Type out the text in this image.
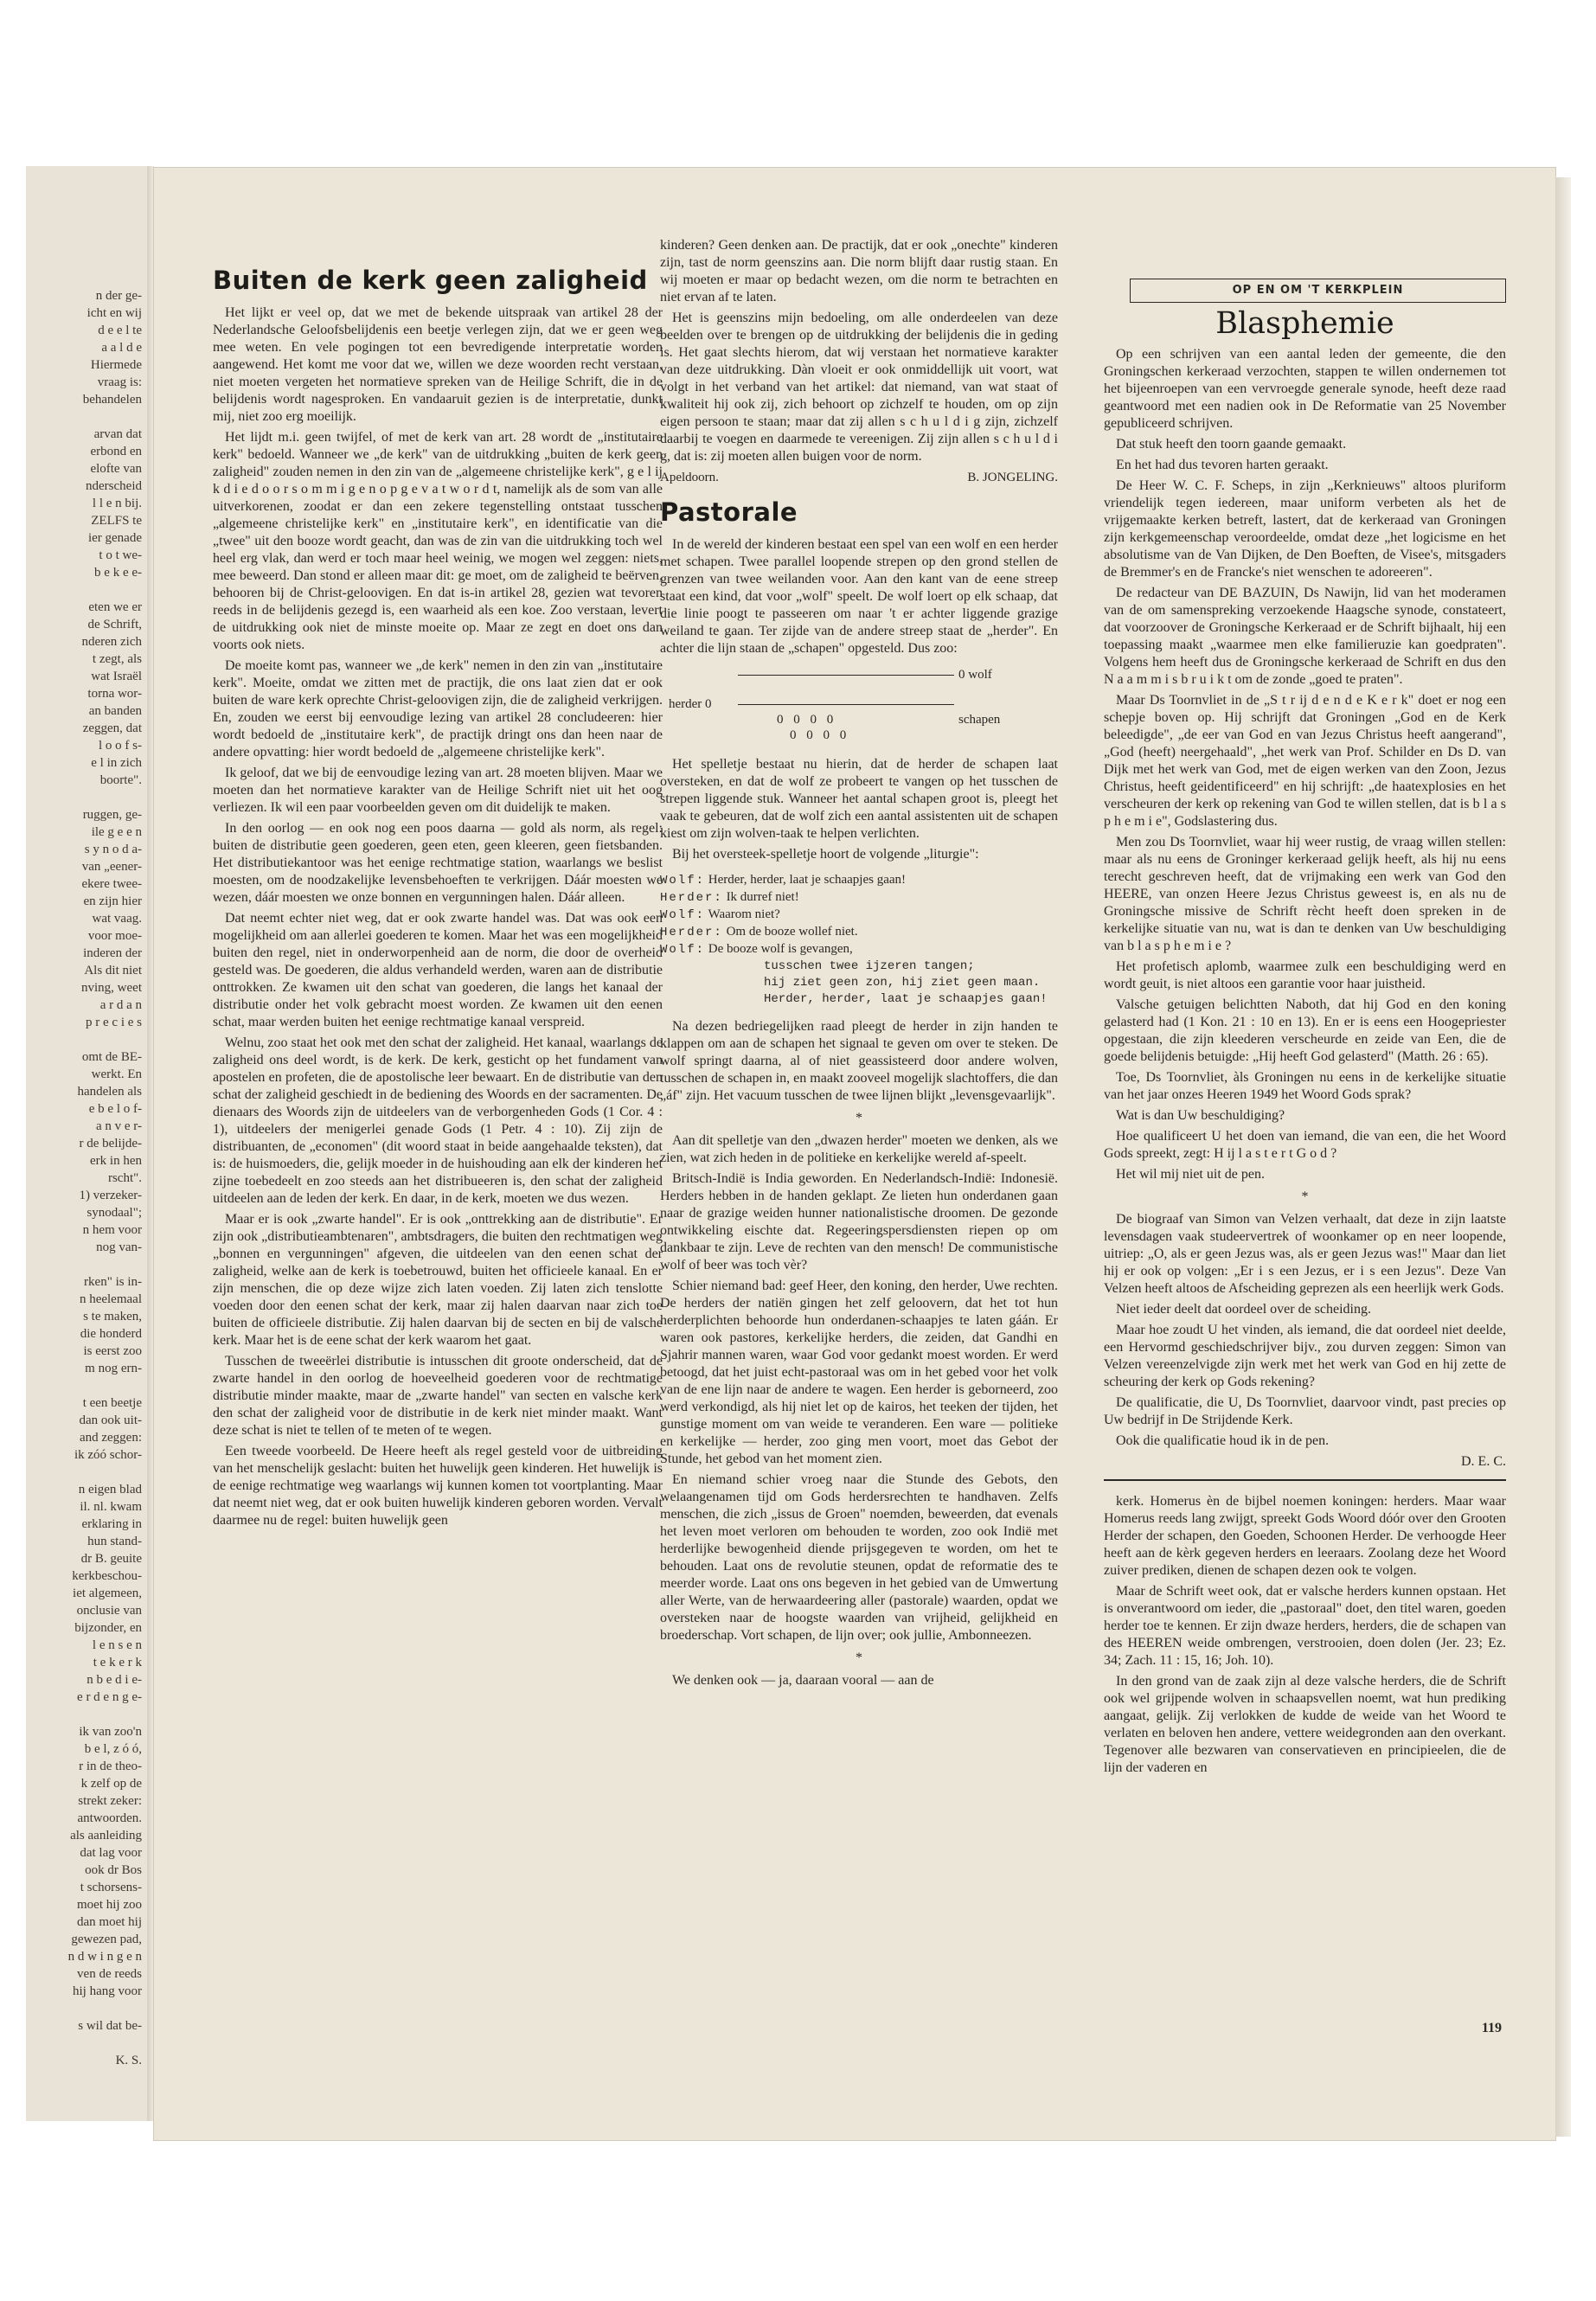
n der ge-
icht en wij
d e e l te
a a l d e
Hiermede
vraag is:
behandelen
arvan dat
erbond en
elofte van
nderscheid
l l e n bij.
ZELFS te
ier genade
t o t we-
b e k e e-
eten we er
de Schrift,
nderen zich
t zegt, als
wat Israël
torna wor-
an banden
zeggen, dat
l o o f s-
e l in zich
boorte".
ruggen, ge-
ile g e e n
s y n o d a-
van „eener-
ekere twee-
en zijn hier
wat vaag.
voor moe-
inderen der
Als dit niet
nving, weet
a r d a n
p r e c i e s
omt de BE-
werkt. En
handelen als
e b e l o f-
a n v e r-
r de belijde-
erk in hen
rscht".
1) verzeker-
synodaal";
n hem voor
nog van-
rken" is in-
n heelemaal
s te maken,
die honderd
is eerst zoo
m nog ern-
t een beetje
dan ook uit-
and zeggen:
ik zóó schor-
n eigen blad
il. nl. kwam
erklaring in
hun stand-
dr B. geuite
kerkbeschou-
iet algemeen,
onclusie van
bijzonder, en
l e n s e n
t e k e r k
n b e d i e-
e r d e n g e-
ik van zoo'n
b e l, z ó ó,
r in de theo-
k zelf op de
strekt zeker:
antwoorden.
als aanleiding
dat lag voor
ook dr Bos
t schorsens-
moet hij zoo
dan moet hij
gewezen pad,
n d w i n g e n
ven de reeds
hij hang voor
s wil dat be-
K. S.
Buiten de kerk geen zaligheid

Het lijkt er veel op, dat we met de bekende uitspraak van artikel 28 der Nederlandsche Geloofsbelijdenis een beetje verlegen zijn, dat we er geen weg mee weten. En vele pogingen tot een bevredigende interpretatie worden aangewend. Het komt me voor dat we, willen we deze woorden recht verstaan, niet moeten vergeten het normatieve spreken van de Heilige Schrift, die in de belijdenis wordt nagesproken. En vandaaruit gezien is de interpretatie, dunkt mij, niet zoo erg moeilijk.

Het lijdt m.i. geen twijfel, of met de kerk van art. 28 wordt de „institutaire kerk" bedoeld. Wanneer we „de kerk" van de uitdrukking „buiten de kerk geen zaligheid" zouden nemen in den zin van de „algemeene christelijke kerk", g e l ij k d i e d o o r s o m m i g e n o p g e v a t w o r d t, namelijk als de som van alle uitverkorenen, zoodat er dan een zekere tegenstelling ontstaat tusschen „algemeene christelijke kerk" en „institutaire kerk", en identificatie van die „twee" uit den booze wordt geacht, dan was de zin van die uitdrukking toch wel heel erg vlak, dan werd er toch maar heel weinig, we mogen wel zeggen: niets, mee beweerd. Dan stond er alleen maar dit: ge moet, om de zaligheid te beërven, behooren bij de Christ-geloovigen. En dat is-in artikel 28, gezien wat tevoren reeds in de belijdenis gezegd is, een waarheid als een koe. Zoo verstaan, levert de uitdrukking ook niet de minste moeite op. Maar ze zegt en doet ons dan voorts ook niets.

De moeite komt pas, wanneer we „de kerk" nemen in den zin van „institutaire kerk". Moeite, omdat we zitten met de practijk, die ons laat zien dat er ook buiten de ware kerk oprechte Christ-geloovigen zijn, die de zaligheid verkrijgen. En, zouden we eerst bij eenvoudige lezing van artikel 28 concludeeren: hier wordt bedoeld de „institutaire kerk", de practijk dringt ons dan heen naar de andere opvatting: hier wordt bedoeld de „algemeene christelijke kerk".

Ik geloof, dat we bij de eenvoudige lezing van art. 28 moeten blijven. Maar we moeten dan het normatieve karakter van de Heilige Schrift niet uit het oog verliezen. Ik wil een paar voorbeelden geven om dit duidelijk te maken.

In den oorlog — en ook nog een poos daarna — gold als norm, als regel: buiten de distributie geen goederen, geen eten, geen kleeren, geen fietsbanden. Het distributiekantoor was het eenige rechtmatige station, waarlangs we beslist moesten, om de noodzakelijke levensbehoeften te verkrijgen. Dáár moesten we wezen, dáár moesten we onze bonnen en vergunningen halen. Dáár alleen.

Dat neemt echter niet weg, dat er ook zwarte handel was. Dat was ook een mogelijkheid om aan allerlei goederen te komen. Maar het was een mogelijkheid buiten den regel, niet in onderworpenheid aan de norm, die door de overheid gesteld was. De goederen, die aldus verhandeld werden, waren aan de distributie onttrokken. Ze kwamen uit den schat van goederen, die langs het kanaal der distributie onder het volk gebracht moest worden. Ze kwamen uit den eenen schat, maar werden buiten het eenige rechtmatige kanaal verspreid.

Welnu, zoo staat het ook met den schat der zaligheid. Het kanaal, waarlangs de zaligheid ons deel wordt, is de kerk. De kerk, gesticht op het fundament van apostelen en profeten, die de apostolische leer bewaart. En de distributie van den schat der zaligheid geschiedt in de bediening des Woords en der sacramenten. De dienaars des Woords zijn de uitdeelers van de verborgenheden Gods (1 Cor. 4 : 1), uitdeelers der menigerlei genade Gods (1 Petr. 4 : 10). Zij zijn de distribuanten, de „economen" (dit woord staat in beide aangehaalde teksten), dat is: de huismoeders, die, gelijk moeder in de huishouding aan elk der kinderen het zijne toebedeelt en zoo steeds aan het distribueeren is, den schat der zaligheid uitdeelen aan de leden der kerk. En daar, in de kerk, moeten we dus wezen.

Maar er is ook „zwarte handel". Er is ook „onttrekking aan de distributie". Er zijn ook „distributieambtenaren", ambtsdragers, die buiten den rechtmatigen weg „bonnen en vergunningen" afgeven, die uitdeelen van den eenen schat der zaligheid, welke aan de kerk is toebetrouwd, buiten het officieele kanaal. En er zijn menschen, die op deze wijze zich laten voeden. Zij laten zich tenslotte voeden door den eenen schat der kerk, maar zij halen daarvan naar zich toe buiten de officieele distributie. Zij halen daarvan bij de secten en bij de valsche kerk. Maar het is de eene schat der kerk waarom het gaat.

Tusschen de tweeërlei distributie is intusschen dit groote onderscheid, dat de zwarte handel in den oorlog de hoeveelheid goederen voor de rechtmatige distributie minder maakte, maar de „zwarte handel" van secten en valsche kerk den schat der zaligheid voor de distributie in de kerk niet minder maakt. Want deze schat is niet te tellen of te meten of te wegen.

Een tweede voorbeeld. De Heere heeft als regel gesteld voor de uitbreiding van het menschelijk geslacht: buiten het huwelijk geen kinderen. Het huwelijk is de eenige rechtmatige weg waarlangs wij kunnen komen tot voortplanting. Maar dat neemt niet weg, dat er ook buiten huwelijk kinderen geboren worden. Vervalt daarmee nu de regel: buiten huwelijk geen

kinderen? Geen denken aan. De practijk, dat er ook „onechte" kinderen zijn, tast de norm geenszins aan. Die norm blijft daar rustig staan. En wij moeten er maar op bedacht wezen, om die norm te betrachten en niet ervan af te laten.

Het is geenszins mijn bedoeling, om alle onderdeelen van deze beelden over te brengen op de uitdrukking der belijdenis die in geding is. Het gaat slechts hierom, dat wij verstaan het normatieve karakter van deze uitdrukking. Dàn vloeit er ook onmiddellijk uit voort, wat volgt in het verband van het artikel: dat niemand, van wat staat of kwaliteit hij ook zij, zich behoort op zichzelf te houden, om op zijn eigen persoon te staan; maar dat zij allen s c h u l d i g zijn, zichzelf daarbij te voegen en daarmede te vereenigen. Zij zijn allen s c h u l d i g, dat is: zij moeten allen buigen voor de norm.

Apeldoorn.	B. JONGELING.
Pastorale

In de wereld der kinderen bestaat een spel van een wolf en een herder met schapen. Twee parallel loopende strepen op den grond stellen de grenzen van twee weilanden voor. Aan den kant van de eene streep staat een kind, dat voor „wolf" speelt. De wolf loert op elk schaap, dat die linie poogt te passeeren om naar 't er achter liggende grazige weiland te gaan. Ter zijde van de andere streep staat de „herder". En achter die lijn staan de „schapen" opgesteld. Dus zoo:

0 wolf
herder 0
0 0 0 0	schapen
0 0 0 0

Het spelletje bestaat nu hierin, dat de herder de schapen laat oversteken, en dat de wolf ze probeert te vangen op het tusschen de strepen liggende stuk. Wanneer het aantal schapen groot is, pleegt het vaak te gebeuren, dat de wolf zich een aantal assistenten uit de schapen kiest om zijn wolven-taak te helpen verlichten.

Bij het oversteek-spelletje hoort de volgende „liturgie":

Wolf: Herder, herder, laat je schaapjes gaan!
Herder: Ik durref niet!
Wolf: Waarom niet?
Herder: Om de booze wollef niet.
Wolf: De booze wolf is gevangen,
tusschen twee ijzeren tangen;
hij ziet geen zon, hij ziet geen maan.
Herder, herder, laat je schaapjes gaan!

Na dezen bedriegelijken raad pleegt de herder in zijn handen te klappen om aan de schapen het signaal te geven om over te steken. De wolf springt daarna, al of niet geassisteerd door andere wolven, tusschen de schapen in, en maakt zooveel mogelijk slachtoffers, die dan „áf" zijn. Het vacuum tusschen de twee lijnen blijkt „levensgevaarlijk".

*

Aan dit spelletje van den „dwazen herder" moeten we denken, als we zien, wat zich heden in de politieke en kerkelijke wereld af-speelt.

Britsch-Indië is India geworden. En Nederlandsch-Indië: Indonesië. Herders hebben in de handen geklapt. Ze lieten hun onderdanen gaan naar de grazige weiden hunner nationalistische droomen. De gezonde ontwikkeling eischte dat. Regeeringspersdiensten riepen op om dankbaar te zijn. Leve de rechten van den mensch! De communistische wolf of beer was toch vèr?

Schier niemand bad: geef Heer, den koning, den herder, Uwe rechten. De herders der natiën gingen het zelf geloovern, dat het tot hun herderplichten behoorde hun onderdanen-schaapjes te laten gáán. Er waren ook pastores, kerkelijke herders, die zeiden, dat Gandhi en Sjahrir mannen waren, waar God voor gedankt moest worden. Er werd betoogd, dat het juist echt-pastoraal was om in het gebed voor het volk van de ene lijn naar de andere te wagen. Een herder is geborneerd, zoo werd verkondigd, als hij niet let op de kairos, het teeken der tijden, het gunstige moment om van weide te veranderen. Een ware — politieke en kerkelijke — herder, zoo ging men voort, moet das Gebot der Stunde, het gebod van het moment zien.

En niemand schier vroeg naar die Stunde des Gebots, den welaangenamen tijd om Gods herdersrechten te handhaven. Zelfs menschen, die zich „issus de Groen" noemden, beweerden, dat evenals het leven moet verloren om behouden te worden, zoo ook Indië met herderlijke bewogenheid diende prijsgegeven te worden, om het te behouden. Laat ons de revolutie steunen, opdat de reformatie des te meerder worde. Laat ons ons begeven in het gebied van de Umwertung aller Werte, van de herwaardeering aller (pastorale) waarden, opdat we oversteken naar de hoogste waarden van vrijheid, gelijkheid en broederschap. Vort schapen, de lijn over; ook jullie, Ambonneezen.

*

We denken ook — ja, daaraan vooral — aan de

OP EN OM 'T KERKPLEIN
Blasphemie

Op een schrijven van een aantal leden der gemeente, die den Groningschen kerkeraad verzochten, stappen te willen ondernemen tot het bijeenroepen van een vervroegde generale synode, heeft deze raad geantwoord met een nadien ook in De Reformatie van 25 November gepubliceerd schrijven.

Dat stuk heeft den toorn gaande gemaakt.

En het had dus tevoren harten geraakt.

De Heer W. C. F. Scheps, in zijn „Kerknieuws" altoos pluriform vriendelijk tegen iedereen, maar uniform verbeten als het de vrijgemaakte kerken betreft, lastert, dat de kerkeraad van Groningen zijn kerkgemeenschap veroordeelde, omdat deze „het logicisme en het absolutisme van de Van Dijken, de Den Boeften, de Visee's, mitsgaders de Bremmer's en de Francke's niet wenschen te adoreeren".

De redacteur van DE BAZUIN, Ds Nawijn, lid van het moderamen van de om samenspreking verzoekende Haagsche synode, constateert, dat voorzoover de Groningsche Kerkeraad er de Schrift bijhaalt, hij een toepassing maakt „waarmee men elke familieruzie kan goedpraten". Volgens hem heeft dus de Groningsche kerkeraad de Schrift en dus den N a a m m i s b r u i k t om de zonde „goed te praten".

Maar Ds Toornvliet in de „S t r ij d e n d e K e r k" doet er nog een schepje boven op. Hij schrijft dat Groningen „God en de Kerk beleedigde", „de eer van God en van Jezus Christus heeft aangerand", „God (heeft) neergehaald", „het werk van Prof. Schilder en Ds D. van Dijk met het werk van God, met de eigen werken van den Zoon, Jezus Christus, heeft geidentificeerd" en hij schrijft: „de haatexplosies en het verscheuren der kerk op rekening van God te willen stellen, dat is b l a s p h e m i e", Godslastering dus.

Men zou Ds Toornvliet, waar hij weer rustig, de vraag willen stellen: maar als nu eens de Groninger kerkeraad gelijk heeft, als hij nu eens terecht geschreven heeft, dat de vrijmaking een werk van God den HEERE, van onzen Heere Jezus Christus geweest is, en als nu de Groningsche missive de Schrift rècht heeft doen spreken in de kerkelijke situatie van nu, wat is dan te denken van Uw beschuldiging van b l a s p h e m i e ?

Het profetisch aplomb, waarmee zulk een beschuldiging werd en wordt geuit, is niet altoos een garantie voor haar juistheid.

Valsche getuigen belichtten Naboth, dat hij God en den koning gelasterd had (1 Kon. 21 : 10 en 13). En er is eens een Hoogepriester opgestaan, die zijn kleederen verscheurde en zeide van Een, die de goede belijdenis betuigde: „Hij heeft God gelasterd" (Matth. 26 : 65).

Toe, Ds Toornvliet, àls Groningen nu eens in de kerkelijke situatie van het jaar onzes Heeren 1949 het Woord Gods sprak?

Wat is dan Uw beschuldiging?

Hoe qualificeert U het doen van iemand, die van een, die het Woord Gods spreekt, zegt: H ij l a s t e r t G o d ?

Het wil mij niet uit de pen.

*

De biograaf van Simon van Velzen verhaalt, dat deze in zijn laatste levensdagen vaak studeervertrek of woonkamer op en neer loopende, uitriep: „O, als er geen Jezus was, als er geen Jezus was!" Maar dan liet hij er ook op volgen: „Er i s een Jezus, er i s een Jezus". Deze Van Velzen heeft altoos de Afscheiding geprezen als een heerlijk werk Gods.

Niet ieder deelt dat oordeel over de scheiding.

Maar hoe zoudt U het vinden, als iemand, die dat oordeel niet deelde, een Hervormd geschiedschrijver bijv., zou durven zeggen: Simon van Velzen vereenzelvigde zijn werk met het werk van God en hij zette de scheuring der kerk op Gods rekening?

De qualificatie, die U, Ds Toornvliet, daarvoor vindt, past precies op Uw bedrijf in De Strijdende Kerk.

Ook die qualificatie houd ik in de pen.

D. E. C.

kerk. Homerus èn de bijbel noemen koningen: herders. Maar waar Homerus reeds lang zwijgt, spreekt Gods Woord dóór over den Grooten Herder der schapen, den Goeden, Schoonen Herder. De verhoogde Heer heeft aan de kèrk gegeven herders en leeraars. Zoolang deze het Woord zuiver prediken, dienen de schapen dezen ook te volgen.

Maar de Schrift weet ook, dat er valsche herders kunnen opstaan. Het is onverantwoord om ieder, die „pastoraal" doet, den titel waren, goeden herder toe te kennen. Er zijn dwaze herders, herders, die de schapen van des HEEREN weide ombrengen, verstrooien, doen dolen (Jer. 23; Ez. 34; Zach. 11 : 15, 16; Joh. 10).

In den grond van de zaak zijn al deze valsche herders, die de Schrift ook wel grijpende wolven in schaapsvellen noemt, wat hun prediking aangaat, gelijk. Zij verlokken de kudde de weide van het Woord te verlaten en beloven hen andere, vettere weidegronden aan den overkant. Tegenover alle bezwaren van conservatieven en principieelen, die de lijn der vaderen en

119
